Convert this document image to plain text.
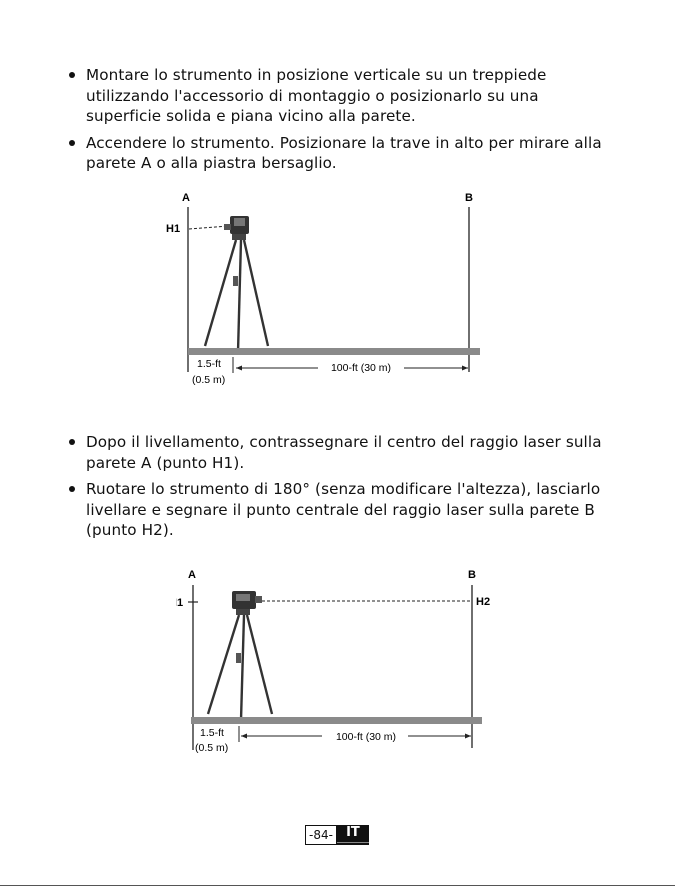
Montare lo strumento in posizione verticale su un treppiede utilizzando l'accessorio di montaggio o posizionarlo su una superficie solida e piana vicino alla parete.
Accendere lo strumento. Posizionare la trave in alto per mirare alla parete A o alla piastra bersaglio.
A	B
H1
1.5-ft
(0.5 m)
100-ft (30 m)
Dopo il livellamento, contrassegnare il centro del raggio laser sulla parete A (punto H1).
Ruotare lo strumento di 180° (senza modificare l'altezza), lasciarlo livellare e segnare il punto centrale del raggio laser sulla parete B (punto H2).
A	B
H1	H2
1.5-ft
(0.5 m)
100-ft (30 m)
-84-	IT
